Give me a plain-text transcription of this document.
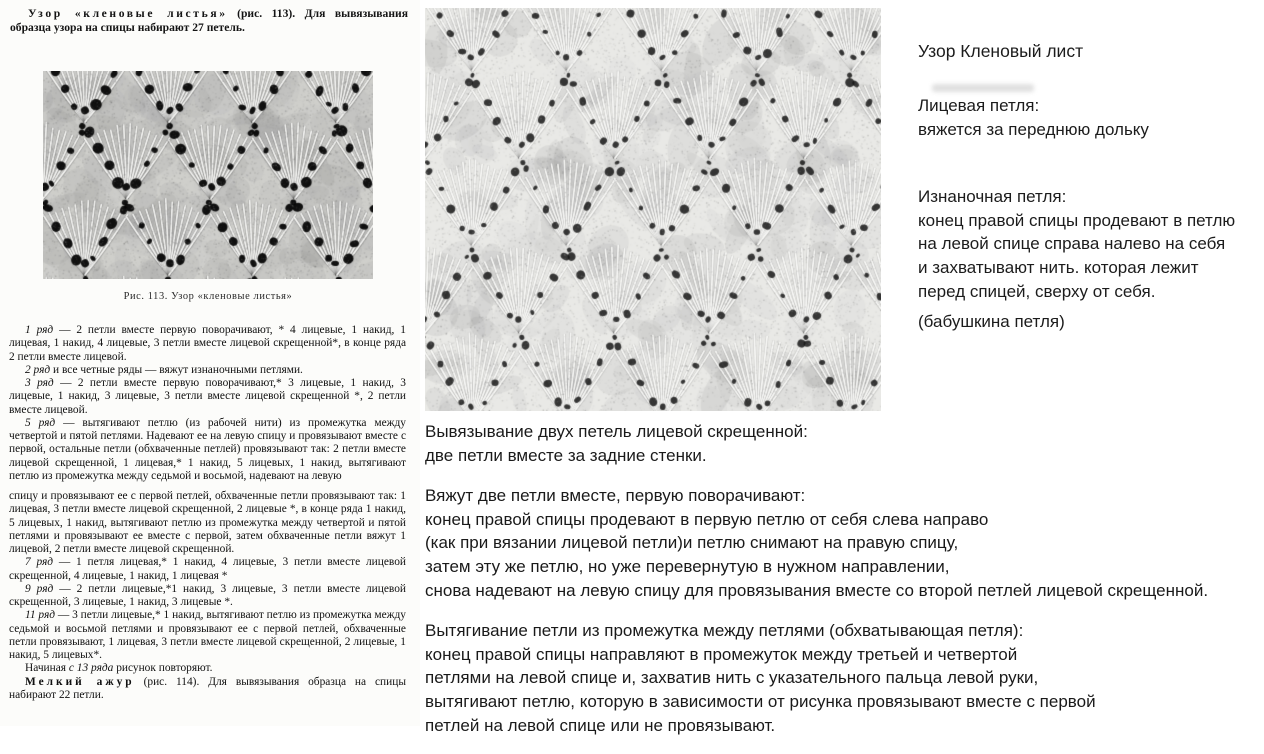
Узор «кленовые листья» (рис. 113). Для вывязывания образца узора на спицы набирают 27 петель.

Рис. 113. Узор «кленовые листья»

1 ряд — 2 петли вместе первую поворачивают, * 4 лицевые, 1 накид, 1 лицевая, 1 накид, 4 лицевые, 3 петли вместе лицевой скрещенной*, в конце ряда 2 петли вместе лицевой.

2 ряд и все четные ряды — вяжут изнаночными петлями.

3 ряд — 2 петли вместе первую поворачивают,* 3 лицевые, 1 накид, 3 лицевые, 1 накид, 3 лицевые, 3 петли вместе лицевой скрещенной *, 2 петли вместе лицевой.

5 ряд — вытягивают петлю (из рабочей нити) из промежутка между четвертой и пятой петлями. Надевают ее на левую спицу и провязывают вместе с первой, остальные петли (обхваченные петлей) провязывают так: 2 петли вместе лицевой скрещенной, 1 лицевая,* 1 накид, 5 лицевых, 1 накид, вытягивают петлю из промежутка между седьмой и восьмой, надевают на левую

спицу и провязывают ее с первой петлей, обхваченные петли провязывают так: 1 лицевая, 3 петли вместе лицевой скрещенной, 2 лицевые *, в конце ряда 1 накид, 5 лицевых, 1 накид, вытягивают петлю из промежутка между четвертой и пятой петлями и провязывают ее вместе с первой, затем обхваченные петли вяжут 1 лицевой, 2 петли вместе лицевой скрещенной.

7 ряд — 1 петля лицевая,* 1 накид, 4 лицевые, 3 петли вместе лицевой скрещенной, 4 лицевые, 1 накид, 1 лицевая *

9 ряд — 2 петли лицевые,*1 накид, 3 лицевые, 3 петли вместе лицевой скрещенной, 3 лицевые, 1 накид, 3 лицевые *.

11 ряд — 3 петли лицевые,* 1 накид, вытягивают петлю из промежутка между седьмой и восьмой петлями и провязывают ее с первой петлей, обхваченные петли провязывают, 1 лицевая, 3 петли вместе лицевой скрещенной, 2 лицевые, 1 накид, 5 лицевых*.

Начиная с 13 ряда рисунок повторяют.

Мелкий ажур (рис. 114). Для вывязывания образца на спицы набирают 22 петли.

Узор Кленовый лист
Лицевая петля:
вяжется за переднюю дольку
Изнаночная петля:
конец правой спицы продевают в петлю
на левой спице справа налево на себя
и захватывают нить. которая лежит
перед спицей, сверху от себя.
(бабушкина петля)
Вывязывание двух петель лицевой скрещенной:
две петли вместе за задние стенки.
Вяжут две петли вместе, первую поворачивают:
конец правой спицы продевают в первую петлю от себя слева направо
(как при вязании лицевой петли)и петлю снимают на правую спицу,
затем эту же петлю, но уже перевернутую в нужном направлении,
снова надевают на левую спицу для провязывания вместе со второй петлей лицевой скрещенной.
Вытягивание петли из промежутка между петлями (обхватывающая петля):
конец правой спицы направляют в промежуток между третьей и четвертой
петлями на левой спице и, захватив нить с указательного пальца левой руки,
вытягивают петлю, которую в зависимости от рисунка провязывают вместе с первой
петлей на левой спице или не провязывают.
